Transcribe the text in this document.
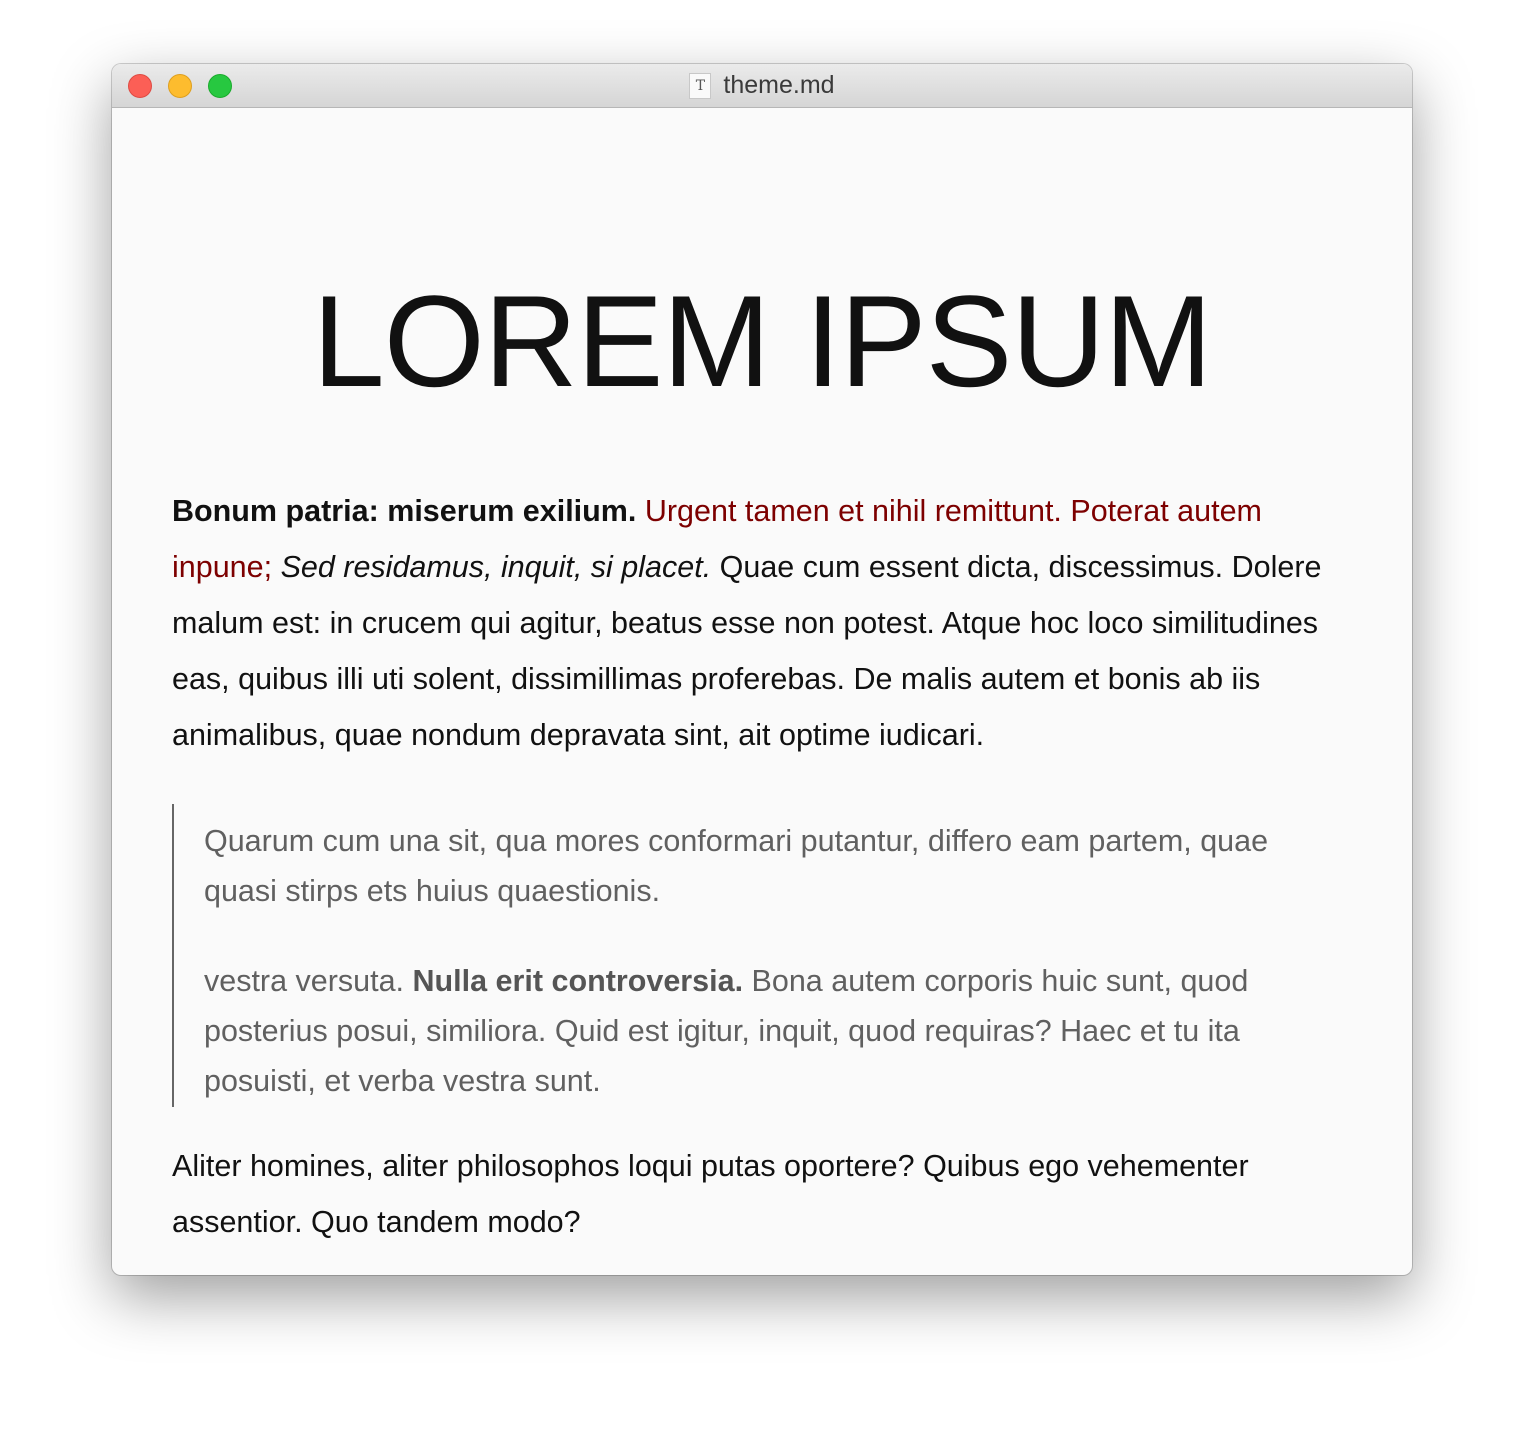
T theme.md
LOREM IPSUM

Bonum patria: miserum exilium. Urgent tamen et nihil remittunt. Poterat autem inpune; Sed residamus, inquit, si placet. Quae cum essent dicta, discessimus. Dolere malum est: in crucem qui agitur, beatus esse non potest. Atque hoc loco similitudines eas, quibus illi uti solent, dissimillimas proferebas. De malis autem et bonis ab iis animalibus, quae nondum depravata sint, ait optime iudicari.

Quarum cum una sit, qua mores conformari putantur, differo eam partem, quae quasi stirps ets huius quaestionis.

vestra versuta. Nulla erit controversia. Bona autem corporis huic sunt, quod posterius posui, similiora. Quid est igitur, inquit, quod requiras? Haec et tu ita posuisti, et verba vestra sunt.

Aliter homines, aliter philosophos loqui putas oportere? Quibus ego vehementer assentior. Quo tandem modo?
